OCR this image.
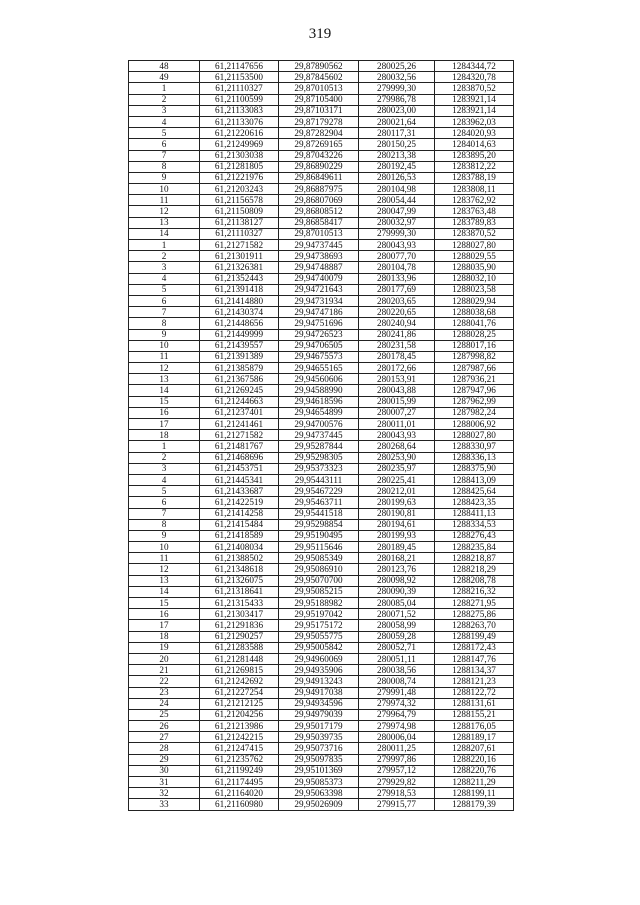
319
48	61,21147656	29,87890562	280025,26	1284344,72
49	61,21153500	29,87845602	280032,56	1284320,78
1	61,21110327	29,87010513	279999,30	1283870,52
2	61,21100599	29,87105400	279986,78	1283921,14
3	61,21133083	29,87103171	280023,00	1283921,14
4	61,21133076	29,87179278	280021,64	1283962,03
5	61,21220616	29,87282904	280117,31	1284020,93
6	61,21249969	29,87269165	280150,25	1284014,63
7	61,21303038	29,87043226	280213,38	1283895,20
8	61,21281805	29,86890229	280192,45	1283812,22
9	61,21221976	29,86849611	280126,53	1283788,19
10	61,21203243	29,86887975	280104,98	1283808,11
11	61,21156578	29,86807069	280054,44	1283762,92
12	61,21150809	29,86808512	280047,99	1283763,48
13	61,21138127	29,86858417	280032,97	1283789,83
14	61,21110327	29,87010513	279999,30	1283870,52
1	61,21271582	29,94737445	280043,93	1288027,80
2	61,21301911	29,94738693	280077,70	1288029,55
3	61,21326381	29,94748887	280104,78	1288035,90
4	61,21352443	29,94740079	280133,96	1288032,10
5	61,21391418	29,94721643	280177,69	1288023,58
6	61,21414880	29,94731934	280203,65	1288029,94
7	61,21430374	29,94747186	280220,65	1288038,68
8	61,21448656	29,94751696	280240,94	1288041,76
9	61,21449999	29,94726523	280241,86	1288028,25
10	61,21439557	29,94706505	280231,58	1288017,16
11	61,21391389	29,94675573	280178,45	1287998,82
12	61,21385879	29,94655165	280172,66	1287987,66
13	61,21367586	29,94560606	280153,91	1287936,21
14	61,21269245	29,94588990	280043,88	1287947,96
15	61,21244663	29,94618596	280015,99	1287962,99
16	61,21237401	29,94654899	280007,27	1287982,24
17	61,21241461	29,94700576	280011,01	1288006,92
18	61,21271582	29,94737445	280043,93	1288027,80
1	61,21481767	29,95287844	280268,64	1288330,97
2	61,21468696	29,95298305	280253,90	1288336,13
3	61,21453751	29,95373323	280235,97	1288375,90
4	61,21445341	29,95443111	280225,41	1288413,09
5	61,21433687	29,95467229	280212,01	1288425,64
6	61,21422519	29,95463711	280199,63	1288423,35
7	61,21414258	29,95441518	280190,81	1288411,13
8	61,21415484	29,95298854	280194,61	1288334,53
9	61,21418589	29,95190495	280199,93	1288276,43
10	61,21408034	29,95115646	280189,45	1288235,84
11	61,21388502	29,95085349	280168,21	1288218,87
12	61,21348618	29,95086910	280123,76	1288218,29
13	61,21326075	29,95070700	280098,92	1288208,78
14	61,21318641	29,95085215	280090,39	1288216,32
15	61,21315433	29,95188982	280085,04	1288271,95
16	61,21303417	29,95197042	280071,52	1288275,86
17	61,21291836	29,95175172	280058,99	1288263,70
18	61,21290257	29,95055775	280059,28	1288199,49
19	61,21283588	29,95005842	280052,71	1288172,43
20	61,21281448	29,94960069	280051,11	1288147,76
21	61,21269815	29,94935906	280038,56	1288134,37
22	61,21242692	29,94913243	280008,74	1288121,23
23	61,21227254	29,94917038	279991,48	1288122,72
24	61,21212125	29,94934596	279974,32	1288131,61
25	61,21204256	29,94979039	279964,79	1288155,21
26	61,21213986	29,95017179	279974,98	1288176,05
27	61,21242215	29,95039735	280006,04	1288189,17
28	61,21247415	29,95073716	280011,25	1288207,61
29	61,21235762	29,95097835	279997,86	1288220,16
30	61,21199249	29,95101369	279957,12	1288220,76
31	61,21174495	29,95085373	279929,82	1288211,29
32	61,21164020	29,95063398	279918,53	1288199,11
33	61,21160980	29,95026909	279915,77	1288179,39
